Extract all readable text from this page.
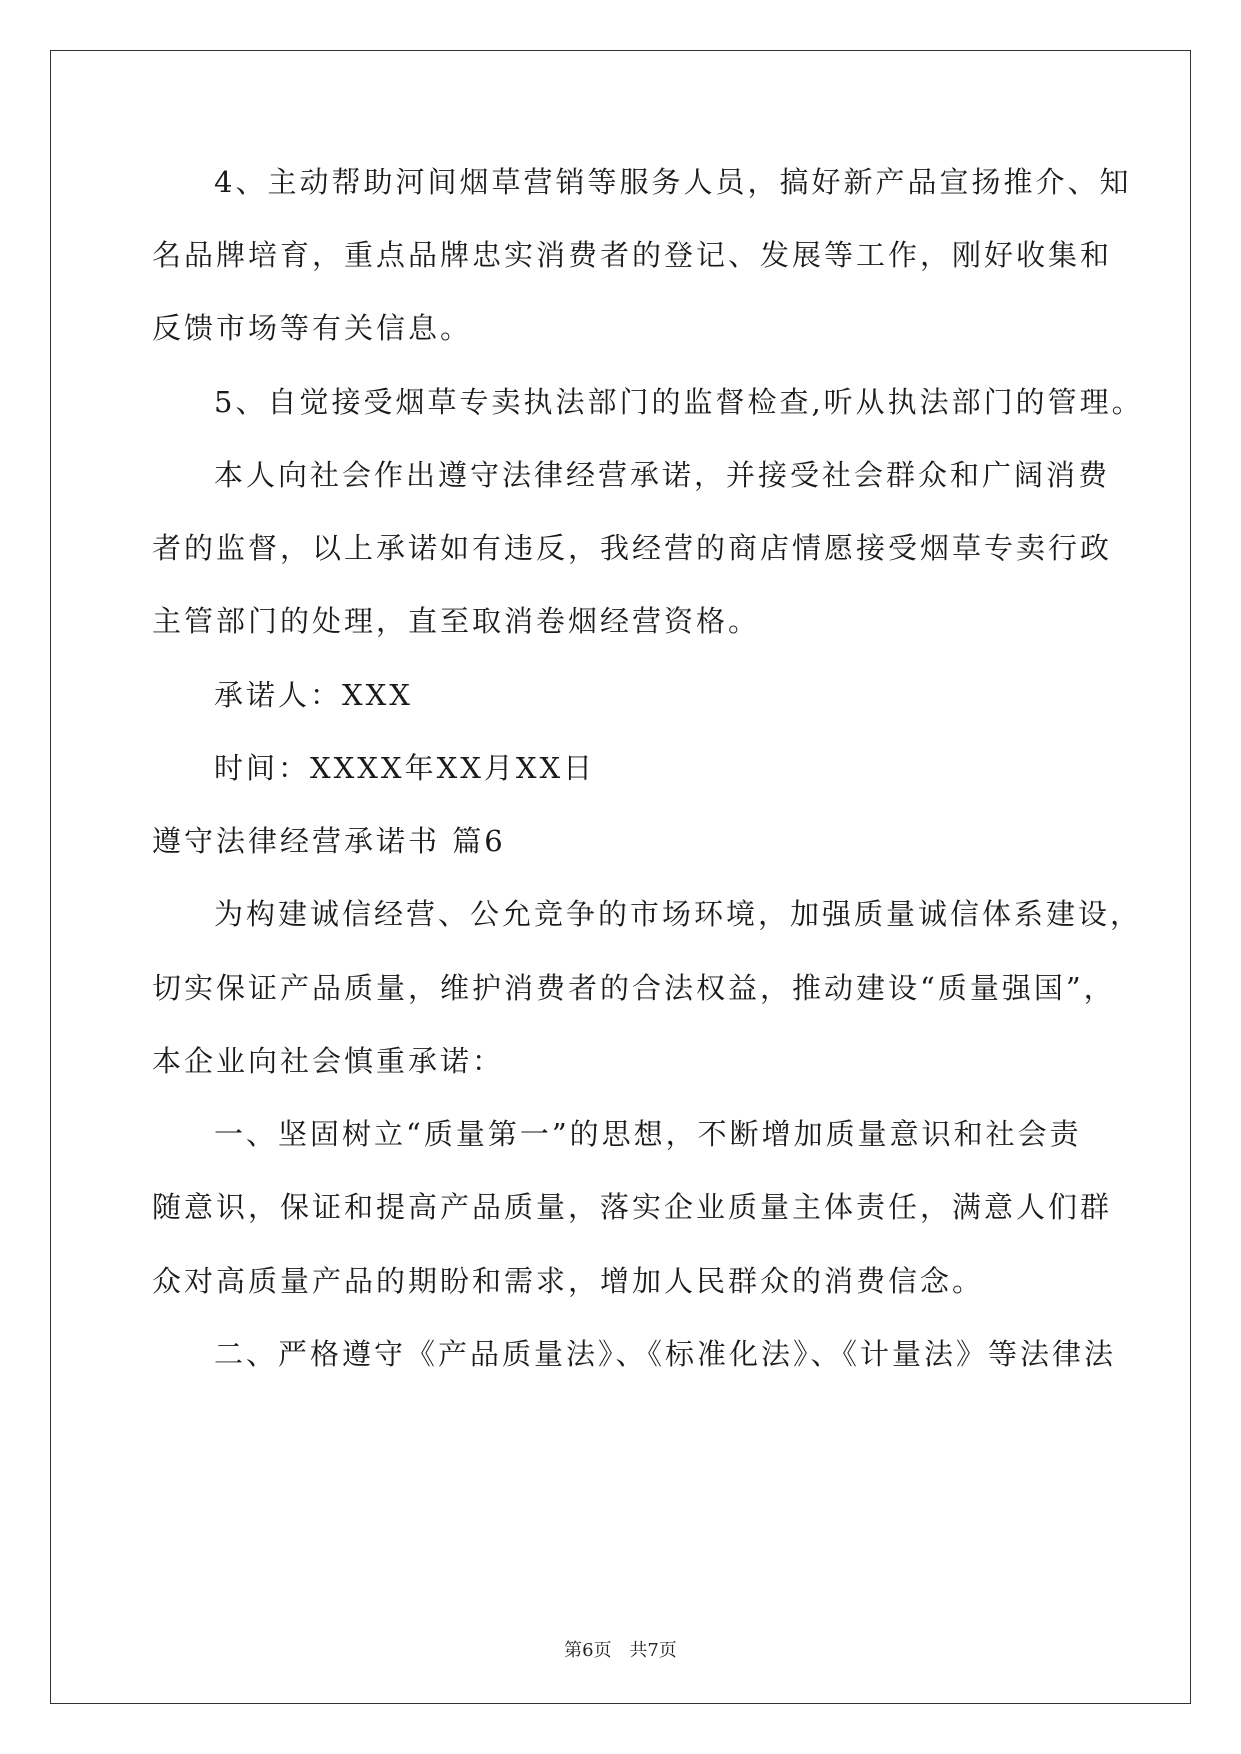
4、主动帮助河间烟草营销等服务人员，搞好新产品宣扬推介、知
名品牌培育，重点品牌忠实消费者的登记、发展等工作，刚好收集和
反馈市场等有关信息。
5、自觉接受烟草专卖执法部门的监督检查,听从执法部门的管理。
本人向社会作出遵守法律经营承诺，并接受社会群众和广阔消费
者的监督，以上承诺如有违反，我经营的商店情愿接受烟草专卖行政
主管部门的处理，直至取消卷烟经营资格。
承诺人：XXX
时间：XXXX年XX月XX日
遵守法律经营承诺书 篇6
为构建诚信经营、公允竞争的市场环境，加强质量诚信体系建设，
切实保证产品质量，维护消费者的合法权益，推动建设“质量强国”，
本企业向社会慎重承诺：
一、坚固树立“质量第一”的思想，不断增加质量意识和社会责
随意识，保证和提高产品质量，落实企业质量主体责任，满意人们群
众对高质量产品的期盼和需求，增加人民群众的消费信念。
二、严格遵守《产品质量法》、《标准化法》、《计量法》等法律法
第6页 共7页
